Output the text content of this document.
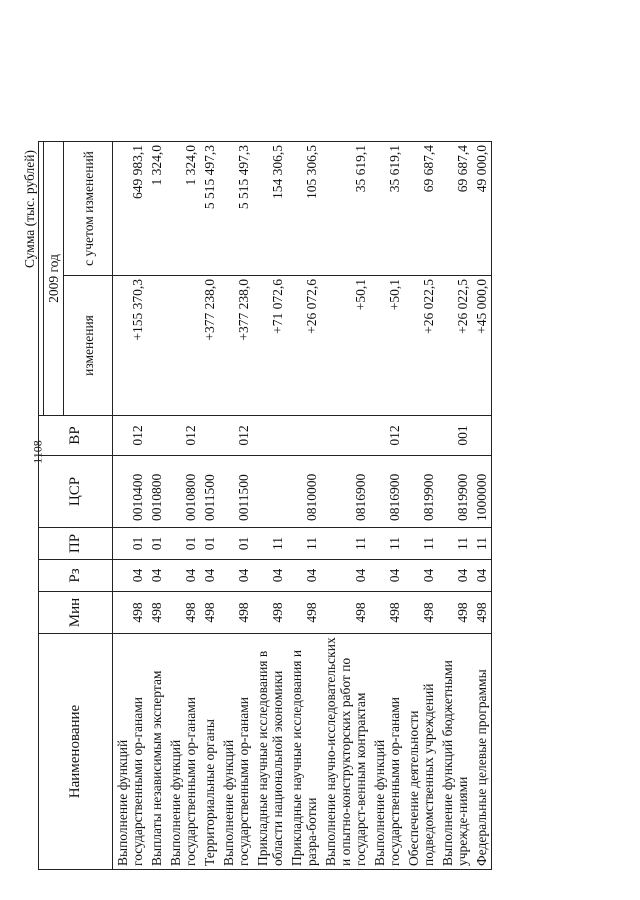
1108
Наименование	Мин	Рз	ПР	ЦСР	ВР	Сумма (тыс. рублей)	

						2009 год	
						изменения	с учетом изменений
Выполнение функций государственными ор-ганами	498	04	01	0010400	012	+155 370,3	649 983,1
Выплаты независимым экспертам	498	04	01	0010800			1 324,0
Выполнение функций государственными ор-ганами	498	04	01	0010800	012		1 324,0
Территориальные органы	498	04	01	0011500		+377 238,0	5 515 497,3
Выполнение функций государственными ор-ганами	498	04	01	0011500	012	+377 238,0	5 515 497,3
Прикладные научные исследования в области национальной экономики	498	04	11			+71 072,6	154 306,5
Прикладные научные исследования и разра-ботки	498	04	11	0810000		+26 072,6	105 306,5
Выполнение научно-исследовательских и опытно-конструкторских работ по государст-венным контрактам	498	04	11	0816900		+50,1	35 619,1
Выполнение функций государственными ор-ганами	498	04	11	0816900	012	+50,1	35 619,1
Обеспечение деятельности подведомственных учреждений	498	04	11	0819900		+26 022,5	69 687,4
Выполнение функций бюджетными учрежде-ниями	498	04	11	0819900	001	+26 022,5	69 687,4
Федеральные целевые программы	498	04	11	1000000		+45 000,0	49 000,0
